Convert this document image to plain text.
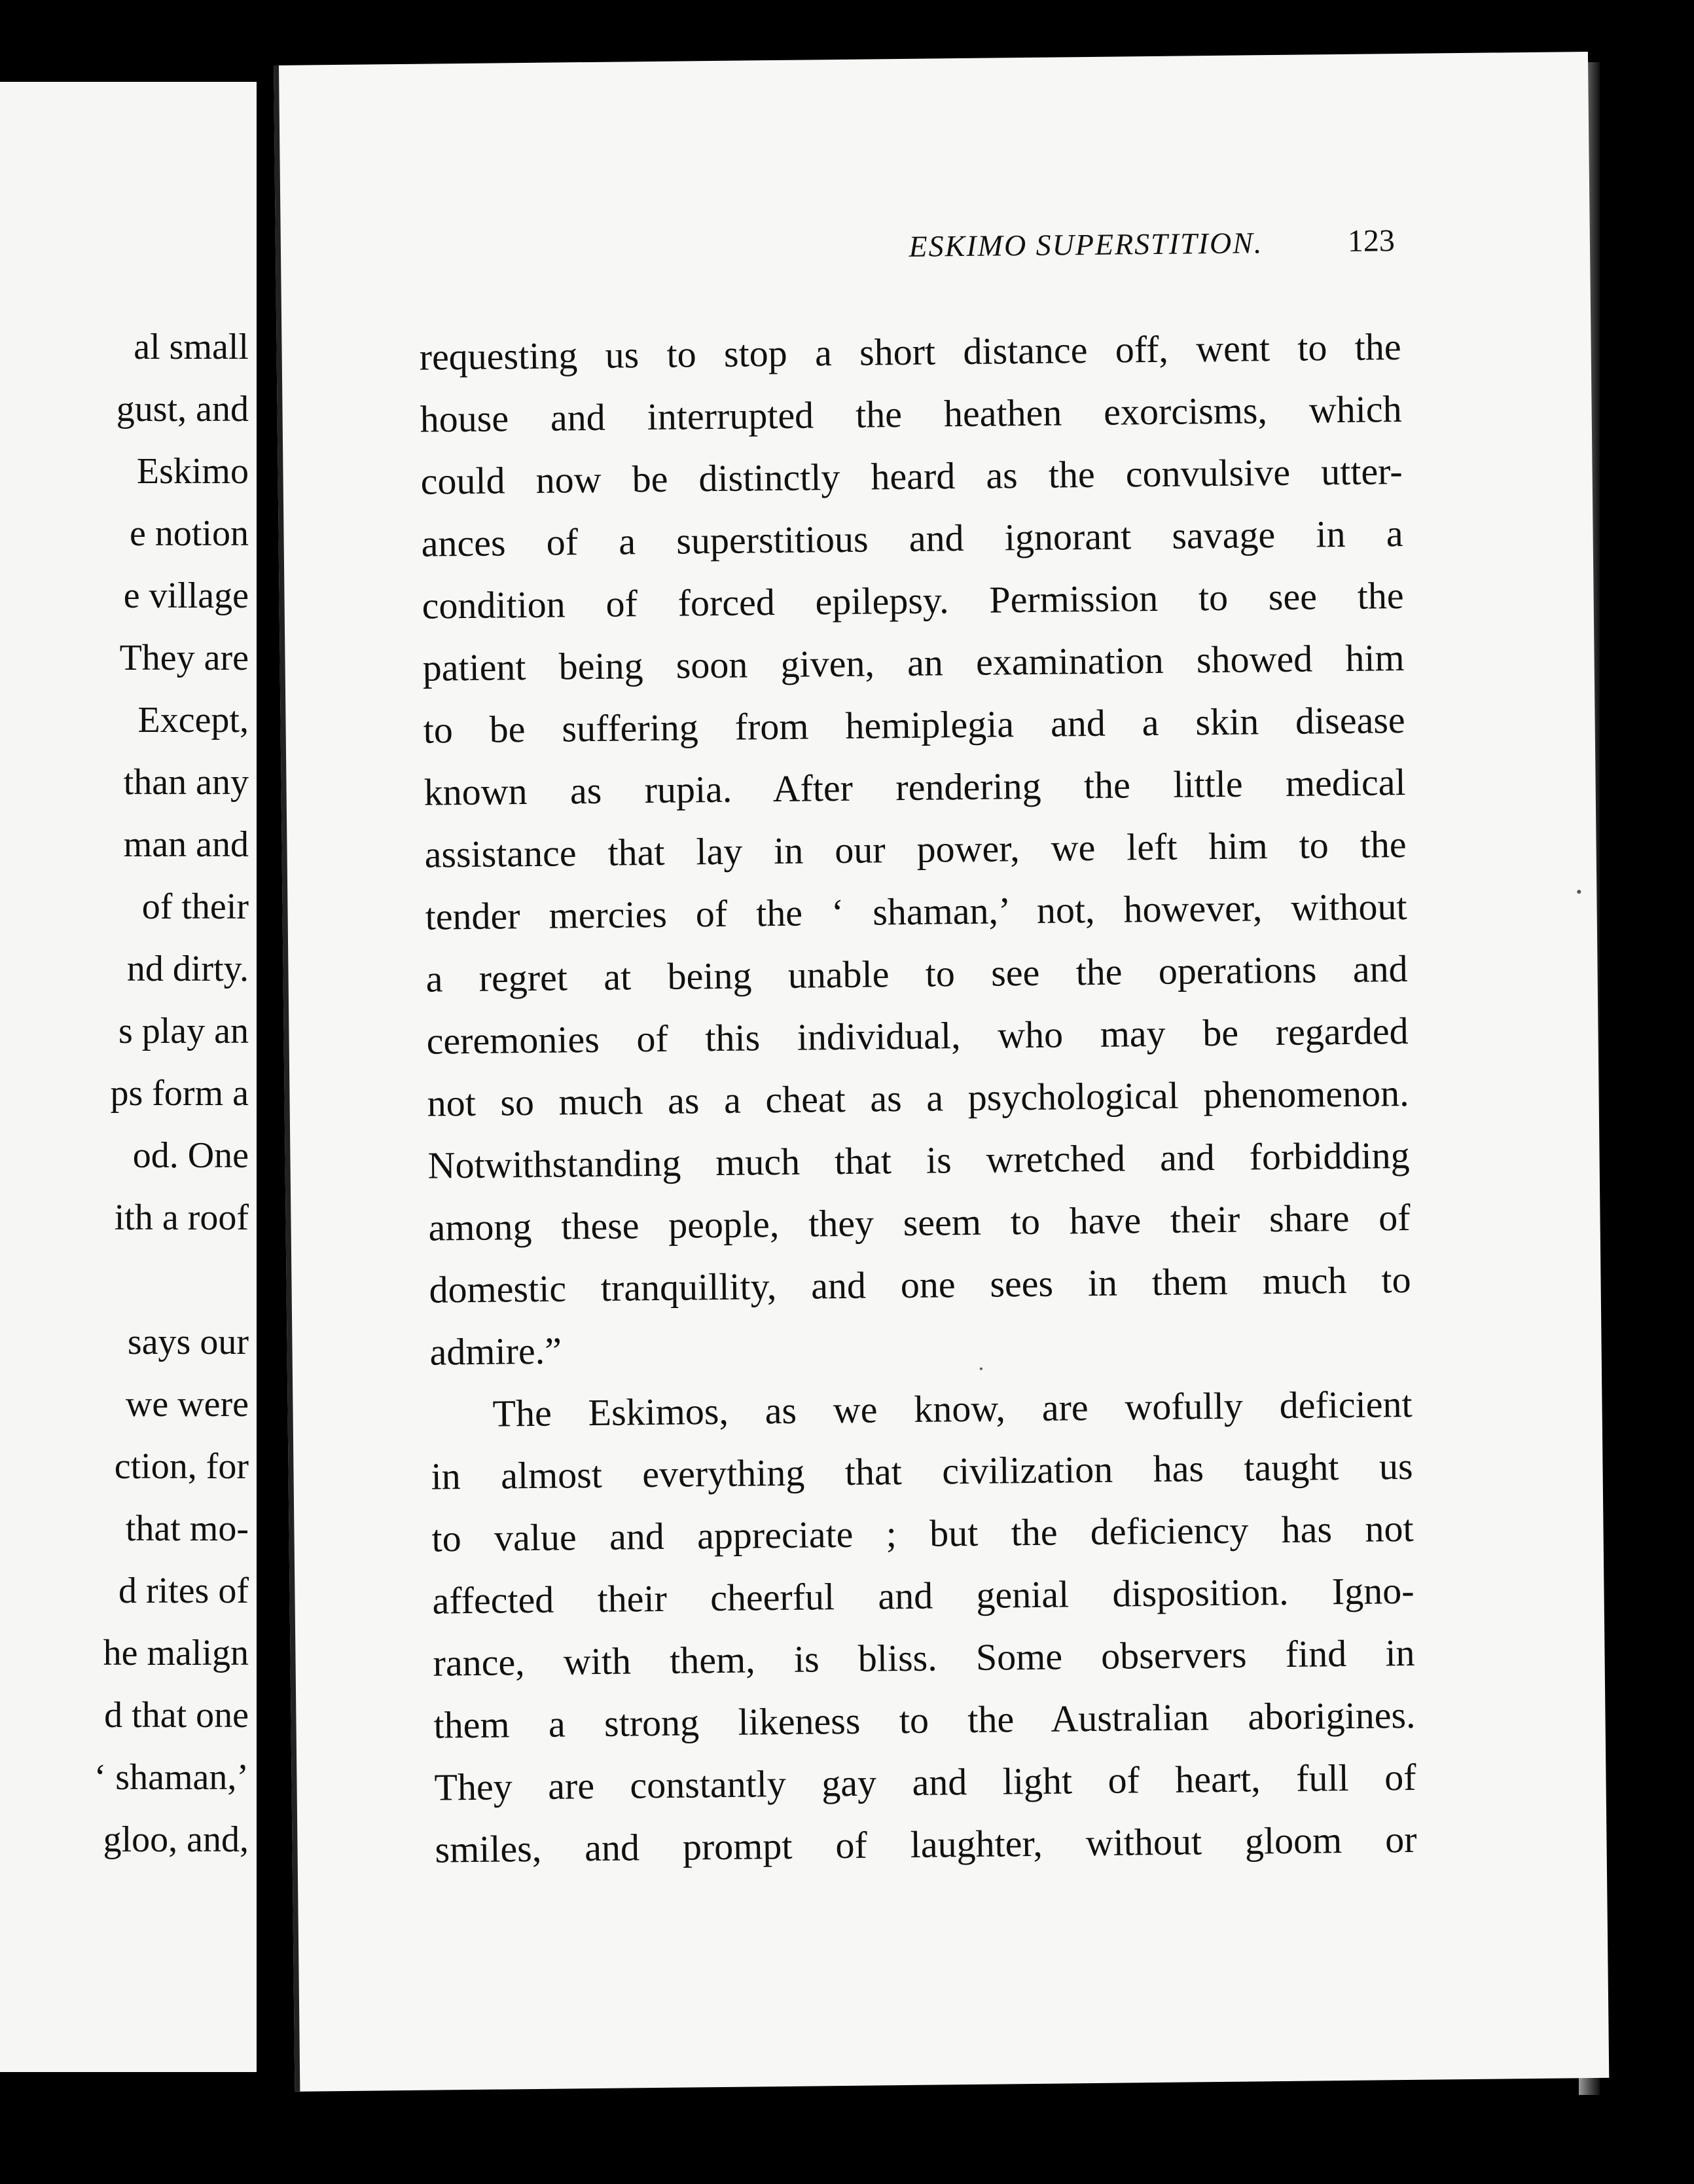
al small
gust, and
Eskimo
e notion
e village
They are
Except,
than any
man and
of their
nd dirty.
s play an
ps form a
od. One
ith a roof
says our
we were
ction, for
that mo-
d rites of
he malign
d that one
‘ shaman,’
gloo, and,
ESKIMO SUPERSTITION.	123
requesting us to stop a short distance off, went to the
house and interrupted the heathen exorcisms, which
could now be distinctly heard as the convulsive utter-
ances of a superstitious and ignorant savage in a
condition of forced epilepsy. Permission to see the
patient being soon given, an examination showed him
to be suffering from hemiplegia and a skin disease
known as rupia. After rendering the little medical
assistance that lay in our power, we left him to the
tender mercies of the ‘ shaman,’ not, however, without
a regret at being unable to see the operations and
ceremonies of this individual, who may be regarded
not so much as a cheat as a psychological phenomenon.
Notwithstanding much that is wretched and forbidding
among these people, they seem to have their share of
domestic tranquillity, and one sees in them much to
admire.”
The Eskimos, as we know, are wofully deficient
in almost everything that civilization has taught us
to value and appreciate ; but the deficiency has not
affected their cheerful and genial disposition. Igno-
rance, with them, is bliss. Some observers find in
them a strong likeness to the Australian aborigines.
They are constantly gay and light of heart, full of
smiles, and prompt of laughter, without gloom or
